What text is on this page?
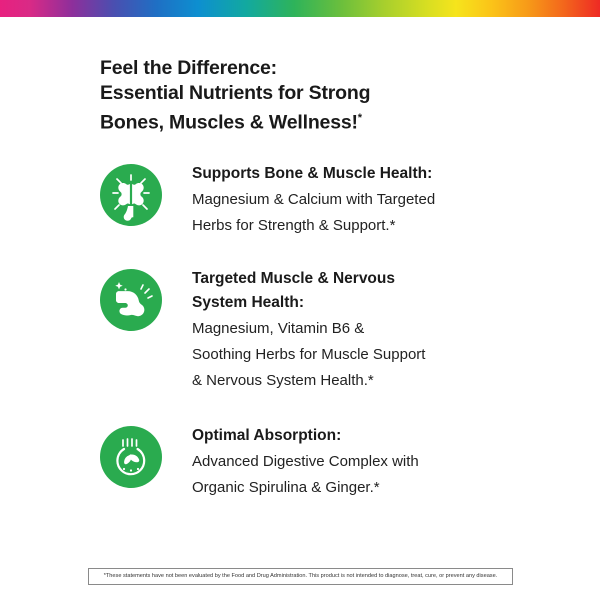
Feel the Difference:
Essential Nutrients for Strong
Bones, Muscles & Wellness!*
Supports Bone & Muscle Health:
Magnesium & Calcium with Targeted
Herbs for Strength & Support.*
Targeted Muscle & Nervous
System Health:
Magnesium, Vitamin B6 &
Soothing Herbs for Muscle Support
& Nervous System Health.*
Optimal Absorption:
Advanced Digestive Complex with
Organic Spirulina & Ginger.*
*These statements have not been evaluated by the Food and Drug Administration. This product is not intended to diagnose, treat, cure, or prevent any disease.
